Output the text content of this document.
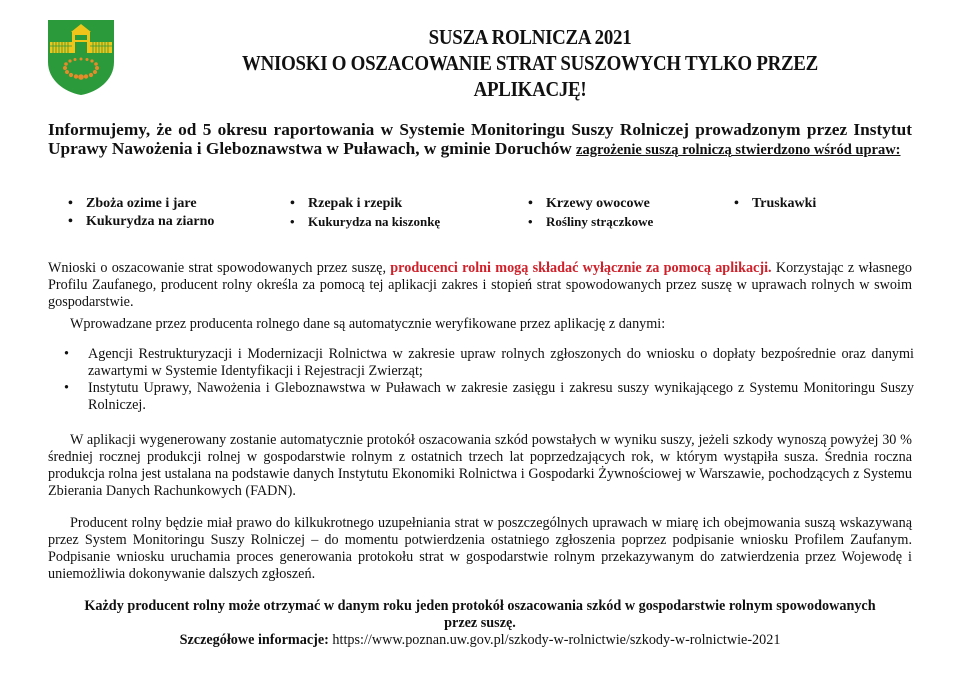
SUSZA ROLNICZA 2021
WNIOSKI O OSZACOWANIE STRAT SUSZOWYCH TYLKO PRZEZ
APLIKACJĘ!
Informujemy, że od 5 okresu raportowania w Systemie Monitoringu Suszy Rolniczej prowadzonym przez Instytut Uprawy Nawożenia i Gleboznawstwa w Puławach, w gminie Doruchów zagrożenie suszą rolniczą stwierdzono wśród upraw:
• Zboża ozime i jare
• Kukurydza na ziarno
• Rzepak i rzepik
• Kukurydza na kiszonkę
• Krzewy owocowe
• Rośliny strączkowe
• Truskawki
Wnioski o oszacowanie strat spowodowanych przez suszę, producenci rolni mogą składać wyłącznie za pomocą aplikacji. Korzystając z własnego Profilu Zaufanego, producent rolny określa za pomocą tej aplikacji zakres i stopień strat spowodowanych przez suszę w uprawach rolnych w swoim gospodarstwie.
Wprowadzane przez producenta rolnego dane są automatycznie weryfikowane przez aplikację z danymi:
• Agencji Restrukturyzacji i Modernizacji Rolnictwa w zakresie upraw rolnych zgłoszonych do wniosku o dopłaty bezpośrednie oraz danymi zawartymi w Systemie Identyfikacji i Rejestracji Zwierząt;
• Instytutu Uprawy, Nawożenia i Gleboznawstwa w Puławach w zakresie zasięgu i zakresu suszy wynikającego z Systemu Monitoringu Suszy Rolniczej.
W aplikacji wygenerowany zostanie automatycznie protokół oszacowania szkód powstałych w wyniku suszy, jeżeli szkody wynoszą powyżej 30 % średniej rocznej produkcji rolnej w gospodarstwie rolnym z ostatnich trzech lat poprzedzających rok, w którym wystąpiła susza. Średnia roczna produkcja rolna jest ustalana na podstawie danych Instytutu Ekonomiki Rolnictwa i Gospodarki Żywnościowej w Warszawie, pochodzących z Systemu Zbierania Danych Rachunkowych (FADN).
Producent rolny będzie miał prawo do kilkukrotnego uzupełniania strat w poszczególnych uprawach w miarę ich obejmowania suszą wskazywaną przez System Monitoringu Suszy Rolniczej – do momentu potwierdzenia ostatniego zgłoszenia poprzez podpisanie wniosku Profilem Zaufanym. Podpisanie wniosku uruchamia proces generowania protokołu strat w gospodarstwie rolnym przekazywanym do zatwierdzenia przez Wojewodę i uniemożliwia dokonywanie dalszych zgłoszeń.
Każdy producent rolny może otrzymać w danym roku jeden protokół oszacowania szkód w gospodarstwie rolnym spowodowanych przez suszę.
Szczegółowe informacje: https://www.poznan.uw.gov.pl/szkody-w-rolnictwie/szkody-w-rolnictwie-2021
